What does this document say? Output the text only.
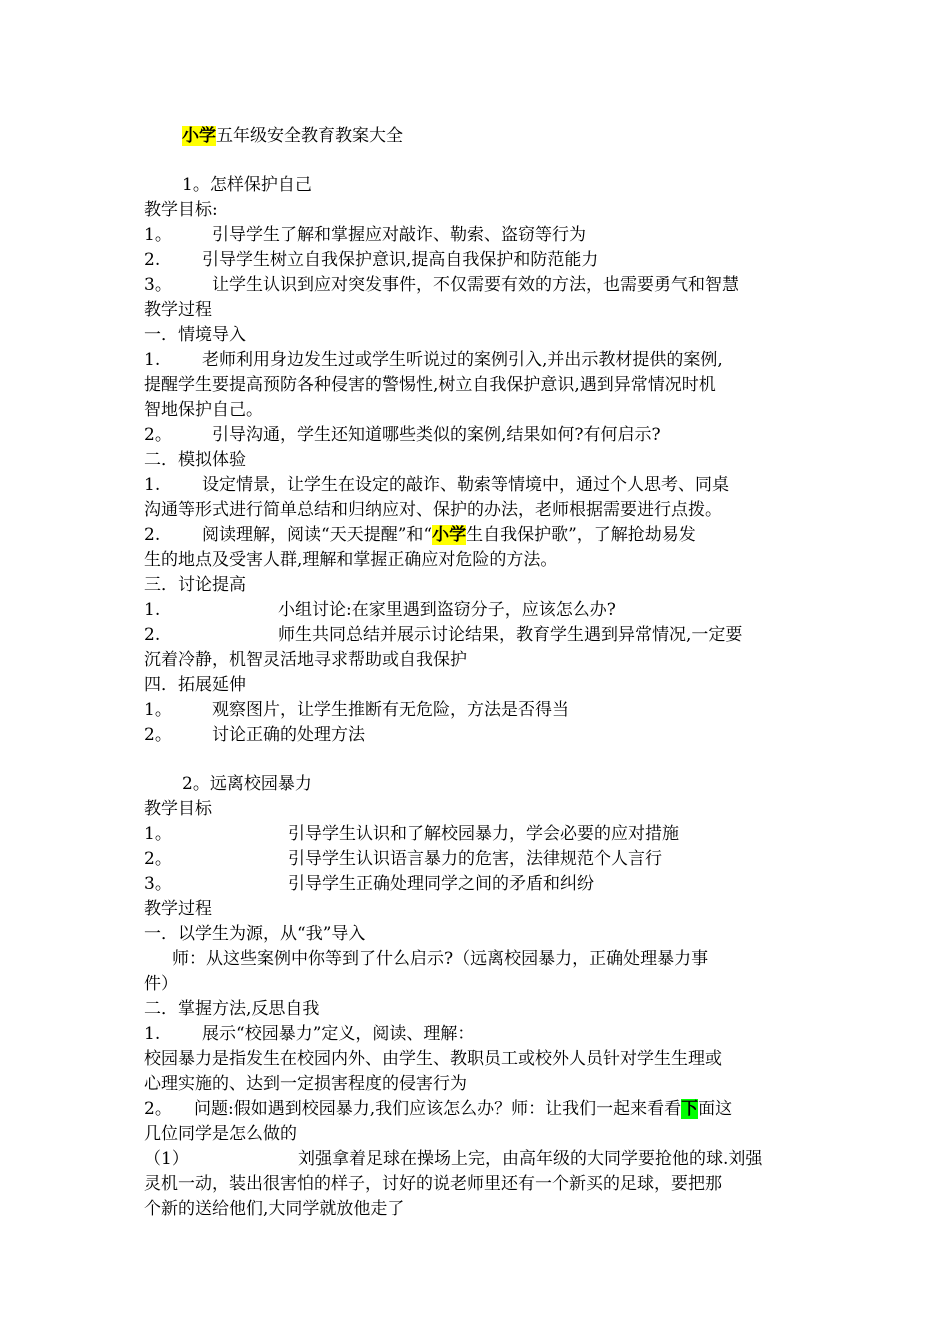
小学五年级安全教育教案大全
1。怎样保护自己
教学目标:
1。 引导学生了解和掌握应对敲诈、勒索、盗窃等行为
2. 引导学生树立自我保护意识,提高自我保护和防范能力
3。 让学生认识到应对突发事件，不仅需要有效的方法，也需要勇气和智慧
教学过程
一．情境导入
1. 老师利用身边发生过或学生听说过的案例引入,并出示教材提供的案例,
提醒学生要提高预防各种侵害的警惕性,树立自我保护意识,遇到异常情况时机
智地保护自己。
2。 引导沟通，学生还知道哪些类似的案例,结果如何?有何启示?
二．模拟体验
1. 设定情景，让学生在设定的敲诈、勒索等情境中，通过个人思考、同桌
沟通等形式进行简单总结和归纳应对、保护的办法，老师根据需要进行点拨。
2. 阅读理解，阅读“天天提醒”和“小学生自我保护歌”，了解抢劫易发
生的地点及受害人群,理解和掌握正确应对危险的方法。
三．讨论提高
1.	小组讨论:在家里遇到盗窃分子，应该怎么办?
2.	师生共同总结并展示讨论结果，教育学生遇到异常情况,一定要
沉着冷静，机智灵活地寻求帮助或自我保护
四．拓展延伸
1。 观察图片，让学生推断有无危险，方法是否得当
2。 讨论正确的处理方法
2。远离校园暴力
教学目标
1。	引导学生认识和了解校园暴力，学会必要的应对措施
2。	引导学生认识语言暴力的危害，法律规范个人言行
3。	引导学生正确处理同学之间的矛盾和纠纷
教学过程
一．以学生为源，从“我”导入
师：从这些案例中你等到了什么启示?（远离校园暴力，正确处理暴力事
件）
二．掌握方法,反思自我
1. 展示“校园暴力”定义，阅读、理解：
校园暴力是指发生在校园内外、由学生、教职员工或校外人员针对学生生理或
心理实施的、达到一定损害程度的侵害行为
2。 问题:假如遇到校园暴力,我们应该怎么办？师：让我们一起来看看下面这
几位同学是怎么做的
（1）	刘强拿着足球在操场上完，由高年级的大同学要抢他的球.刘强
灵机一动，装出很害怕的样子，讨好的说老师里还有一个新买的足球，要把那
个新的送给他们,大同学就放他走了
